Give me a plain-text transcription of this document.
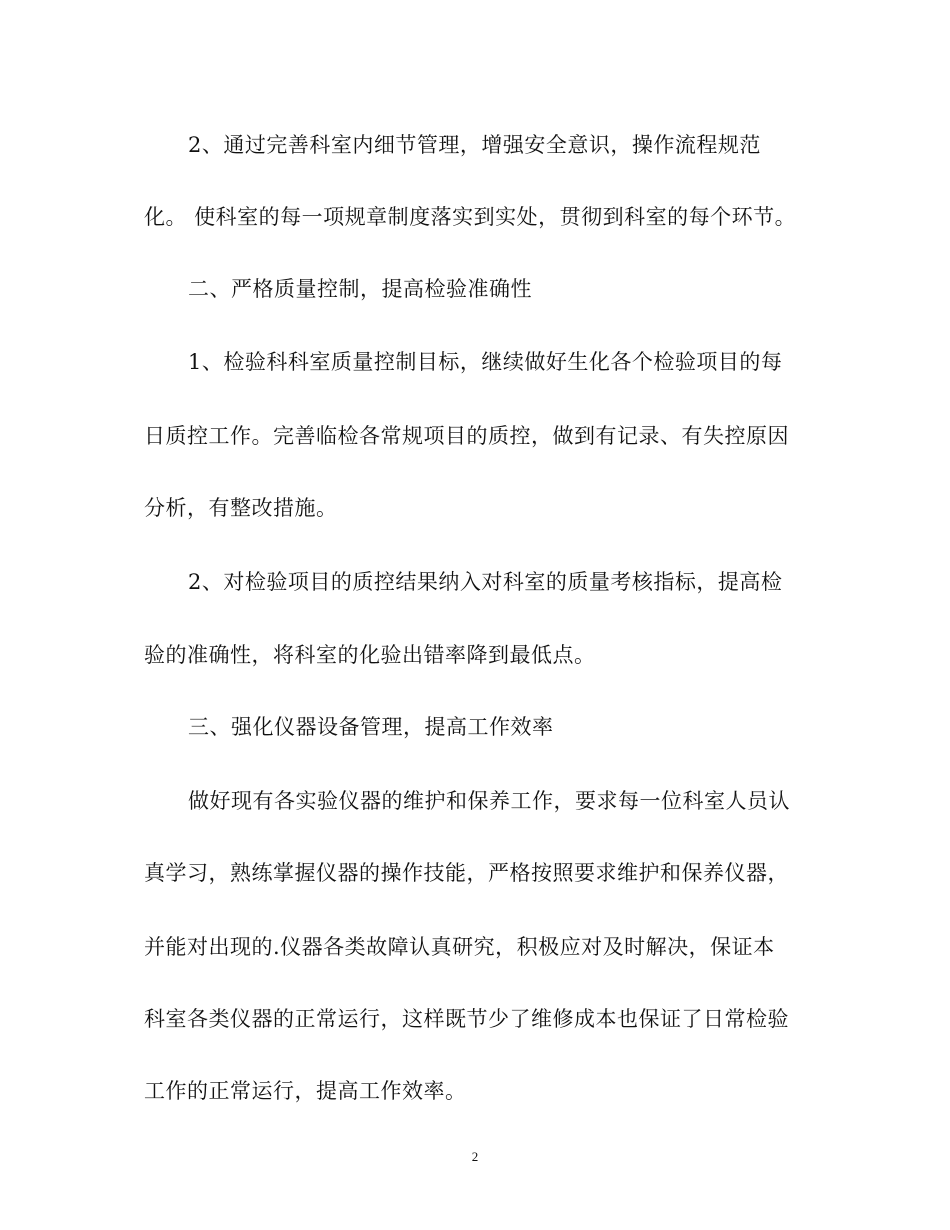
2、通过完善科室内细节管理，增强安全意识，操作流程规范
化。 使科室的每一项规章制度落实到实处，贯彻到科室的每个环节。
二、严格质量控制，提高检验准确性
1、检验科科室质量控制目标，继续做好生化各个检验项目的每
日质控工作。完善临检各常规项目的质控，做到有记录、有失控原因
分析，有整改措施。
2、对检验项目的质控结果纳入对科室的质量考核指标，提高检
验的准确性，将科室的化验出错率降到最低点。
三、强化仪器设备管理，提高工作效率
做好现有各实验仪器的维护和保养工作，要求每一位科室人员认
真学习，熟练掌握仪器的操作技能，严格按照要求维护和保养仪器，
并能对出现的.仪器各类故障认真研究，积极应对及时解决，保证本
科室各类仪器的正常运行，这样既节少了维修成本也保证了日常检验
工作的正常运行，提高工作效率。
2
